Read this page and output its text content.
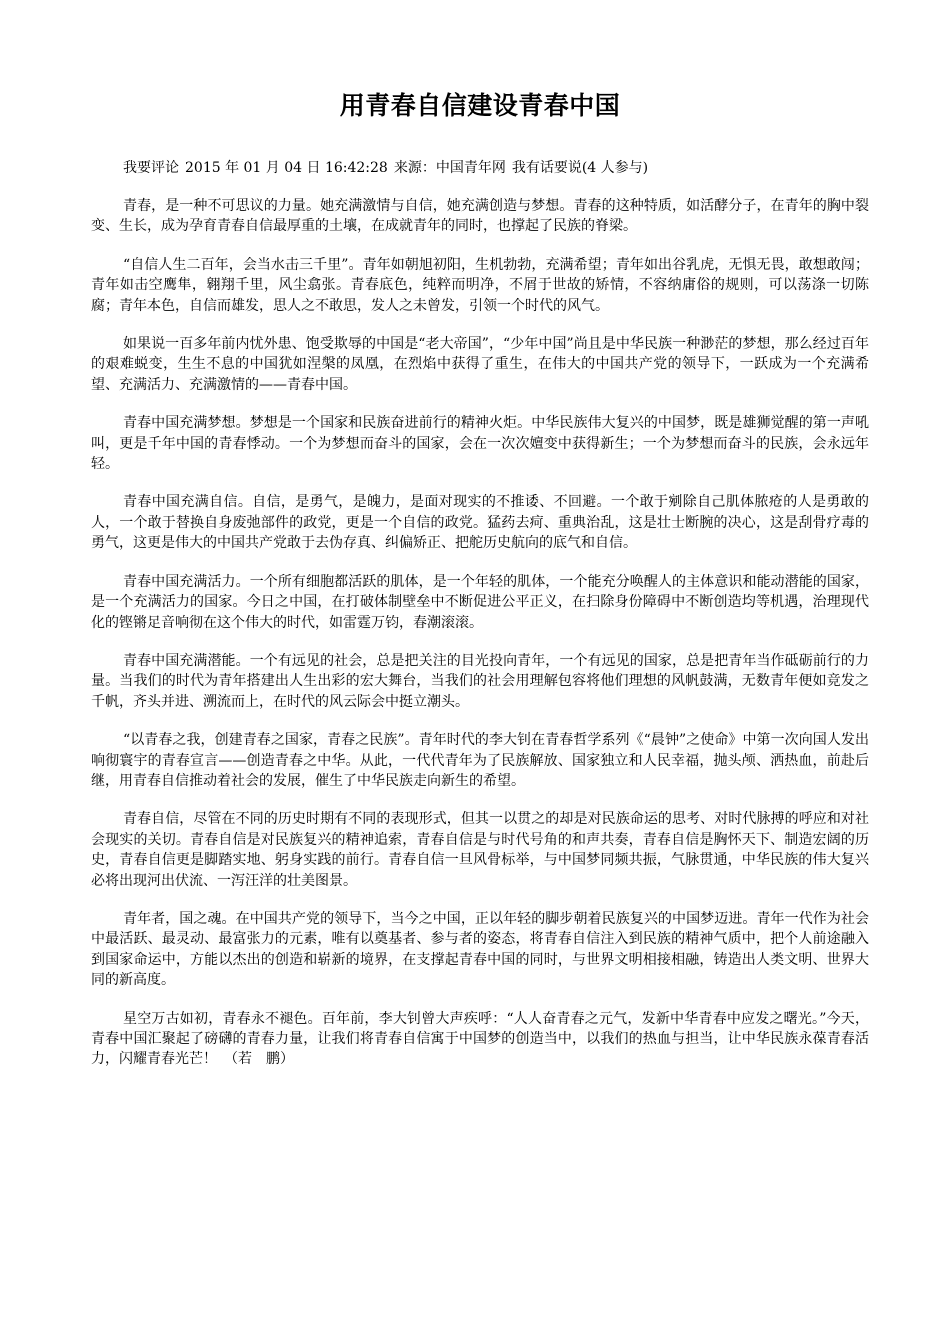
用青春自信建设青春中国
我要评论 2015 年 01 月 04 日 16:42:28 来源：中国青年网 我有话要说(4 人参与)

青春，是一种不可思议的力量。她充满激情与自信，她充满创造与梦想。青春的这种特质，如活酵分子，在青年的胸中裂变、生长，成为孕育青春自信最厚重的土壤，在成就青年的同时，也撑起了民族的脊梁。

“自信人生二百年，会当水击三千里”。青年如朝旭初阳，生机勃勃，充满希望；青年如出谷乳虎，无惧无畏，敢想敢闯；青年如击空鹰隼，翱翔千里，风尘翕张。青春底色，纯粹而明净，不屑于世故的矫情，不容纳庸俗的规则，可以荡涤一切陈腐；青年本色，自信而雄发，思人之不敢思，发人之未曾发，引领一个时代的风气。

如果说一百多年前内忧外患、饱受欺辱的中国是“老大帝国”，“少年中国”尚且是中华民族一种渺茫的梦想，那么经过百年的艰难蜕变，生生不息的中国犹如涅槃的凤凰，在烈焰中获得了重生，在伟大的中国共产党的领导下，一跃成为一个充满希望、充满活力、充满激情的——青春中国。

青春中国充满梦想。梦想是一个国家和民族奋进前行的精神火炬。中华民族伟大复兴的中国梦，既是雄狮觉醒的第一声吼叫，更是千年中国的青春悸动。一个为梦想而奋斗的国家，会在一次次嬗变中获得新生；一个为梦想而奋斗的民族，会永远年轻。

青春中国充满自信。自信，是勇气，是魄力，是面对现实的不推诿、不回避。一个敢于剜除自己肌体脓疮的人是勇敢的人，一个敢于替换自身废弛部件的政党，更是一个自信的政党。猛药去疴、重典治乱，这是壮士断腕的决心，这是刮骨疗毒的勇气，这更是伟大的中国共产党敢于去伪存真、纠偏矫正、把舵历史航向的底气和自信。

青春中国充满活力。一个所有细胞都活跃的肌体，是一个年轻的肌体，一个能充分唤醒人的主体意识和能动潜能的国家，是一个充满活力的国家。今日之中国，在打破体制壁垒中不断促进公平正义，在扫除身份障碍中不断创造均等机遇，治理现代化的铿锵足音响彻在这个伟大的时代，如雷霆万钧，春潮滚滚。

青春中国充满潜能。一个有远见的社会，总是把关注的目光投向青年，一个有远见的国家，总是把青年当作砥砺前行的力量。当我们的时代为青年搭建出人生出彩的宏大舞台，当我们的社会用理解包容将他们理想的风帆鼓满，无数青年便如竞发之千帆，齐头并进、溯流而上，在时代的风云际会中挺立潮头。

“以青春之我，创建青春之国家，青春之民族”。青年时代的李大钊在青春哲学系列《“晨钟”之使命》中第一次向国人发出响彻寰宇的青春宣言——创造青春之中华。从此，一代代青年为了民族解放、国家独立和人民幸福，抛头颅、洒热血，前赴后继，用青春自信推动着社会的发展，催生了中华民族走向新生的希望。

青春自信，尽管在不同的历史时期有不同的表现形式，但其一以贯之的却是对民族命运的思考、对时代脉搏的呼应和对社会现实的关切。青春自信是对民族复兴的精神追索，青春自信是与时代号角的和声共奏，青春自信是胸怀天下、制造宏阔的历史，青春自信更是脚踏实地、躬身实践的前行。青春自信一旦风骨标举，与中国梦同频共振，气脉贯通，中华民族的伟大复兴必将出现河出伏流、一泻汪洋的壮美图景。

青年者，国之魂。在中国共产党的领导下，当今之中国，正以年轻的脚步朝着民族复兴的中国梦迈进。青年一代作为社会中最活跃、最灵动、最富张力的元素，唯有以奠基者、参与者的姿态，将青春自信注入到民族的精神气质中，把个人前途融入到国家命运中，方能以杰出的创造和崭新的境界，在支撑起青春中国的同时，与世界文明相接相融，铸造出人类文明、世界大同的新高度。

星空万古如初，青春永不褪色。百年前，李大钊曾大声疾呼：“人人奋青春之元气，发新中华青春中应发之曙光。”今天，青春中国汇聚起了磅礴的青春力量，让我们将青春自信寓于中国梦的创造当中，以我们的热血与担当，让中华民族永葆青春活力，闪耀青春光芒！　（若　鹏）
